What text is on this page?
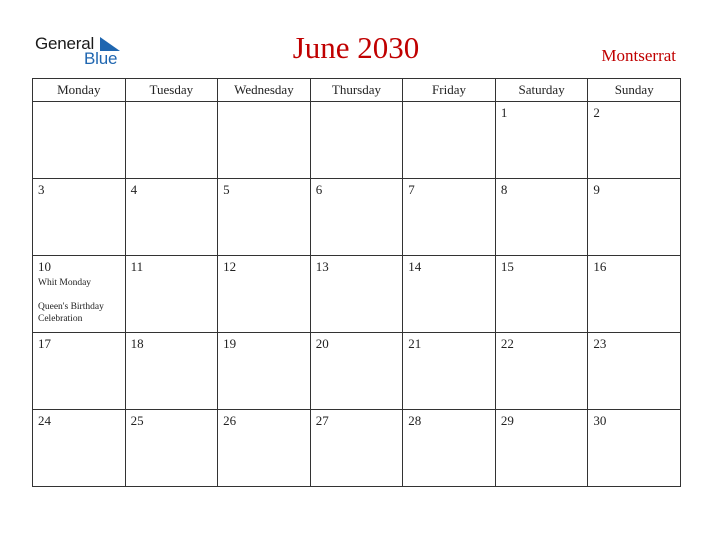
General
Blue	June 2030	Montserrat
Monday	Tuesday	Wednesday	Thursday	Friday	Saturday	Sunday

					1	2

3	4	5	6	7	8	9

10
Whit Monday
Queen's Birthday Celebration	11	12	13	14	15	16

17	18	19	20	21	22	23

24	25	26	27	28	29	30
